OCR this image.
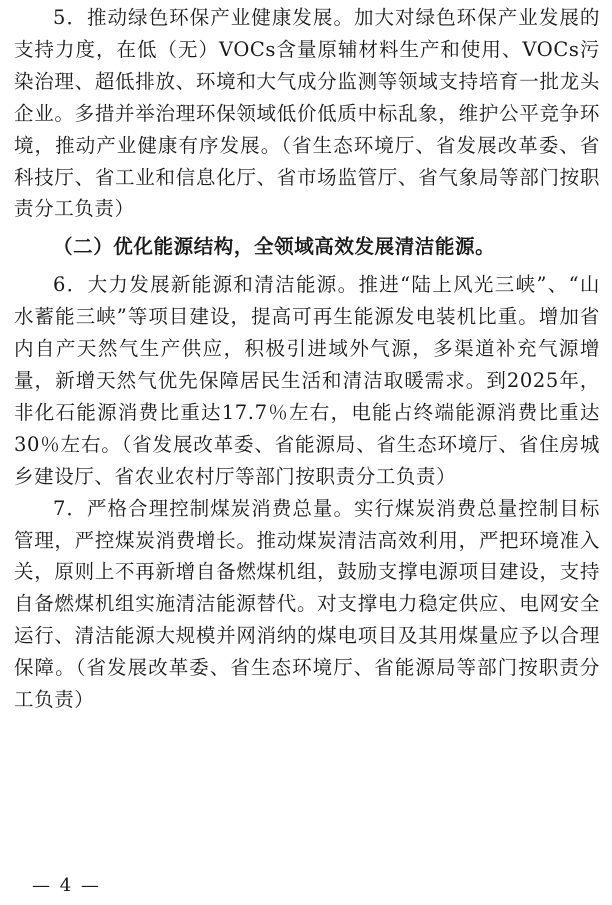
5．推动绿色环保产业健康发展。加大对绿色环保产业发展的支持力度，在低（无）VOCs含量原辅材料生产和使用、VOCs污染治理、超低排放、环境和大气成分监测等领域支持培育一批龙头企业。多措并举治理环保领域低价低质中标乱象，维护公平竞争环境，推动产业健康有序发展。（省生态环境厅、省发展改革委、省科技厅、省工业和信息化厅、省市场监管厅、省气象局等部门按职责分工负责）

（二）优化能源结构，全领域高效发展清洁能源。

6．大力发展新能源和清洁能源。推进“陆上风光三峡”、“山水蓄能三峡”等项目建设，提高可再生能源发电装机比重。增加省内自产天然气生产供应，积极引进域外气源，多渠道补充气源增量，新增天然气优先保障居民生活和清洁取暖需求。到2025年，非化石能源消费比重达17.7％左右，电能占终端能源消费比重达30％左右。（省发展改革委、省能源局、省生态环境厅、省住房城乡建设厅、省农业农村厅等部门按职责分工负责）

7．严格合理控制煤炭消费总量。实行煤炭消费总量控制目标管理，严控煤炭消费增长。推动煤炭清洁高效利用，严把环境准入关，原则上不再新增自备燃煤机组，鼓励支撑电源项目建设，支持自备燃煤机组实施清洁能源替代。对支撑电力稳定供应、电网安全运行、清洁能源大规模并网消纳的煤电项目及其用煤量应予以合理保障。（省发展改革委、省生态环境厅、省能源局等部门按职责分工负责）

— 4 —
